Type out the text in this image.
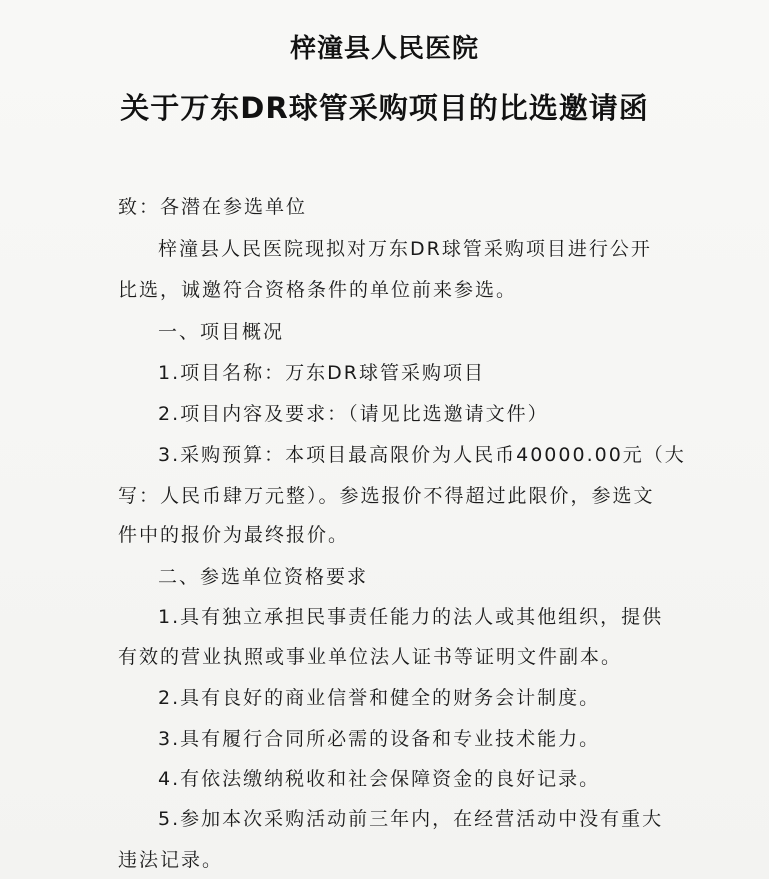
梓潼县人民医院
关于万东DR球管采购项目的比选邀请函
致：各潜在参选单位
梓潼县人民医院现拟对万东DR球管采购项目进行公开
比选，诚邀符合资格条件的单位前来参选。
一、项目概况
1.项目名称：万东DR球管采购项目
2.项目内容及要求：（请见比选邀请文件）
3.采购预算：本项目最高限价为人民币40000.00元（大
写：人民币肆万元整）。参选报价不得超过此限价，参选文
件中的报价为最终报价。
二、参选单位资格要求
1.具有独立承担民事责任能力的法人或其他组织，提供
有效的营业执照或事业单位法人证书等证明文件副本。
2.具有良好的商业信誉和健全的财务会计制度。
3.具有履行合同所必需的设备和专业技术能力。
4.有依法缴纳税收和社会保障资金的良好记录。
5.参加本次采购活动前三年内，在经营活动中没有重大
违法记录。
